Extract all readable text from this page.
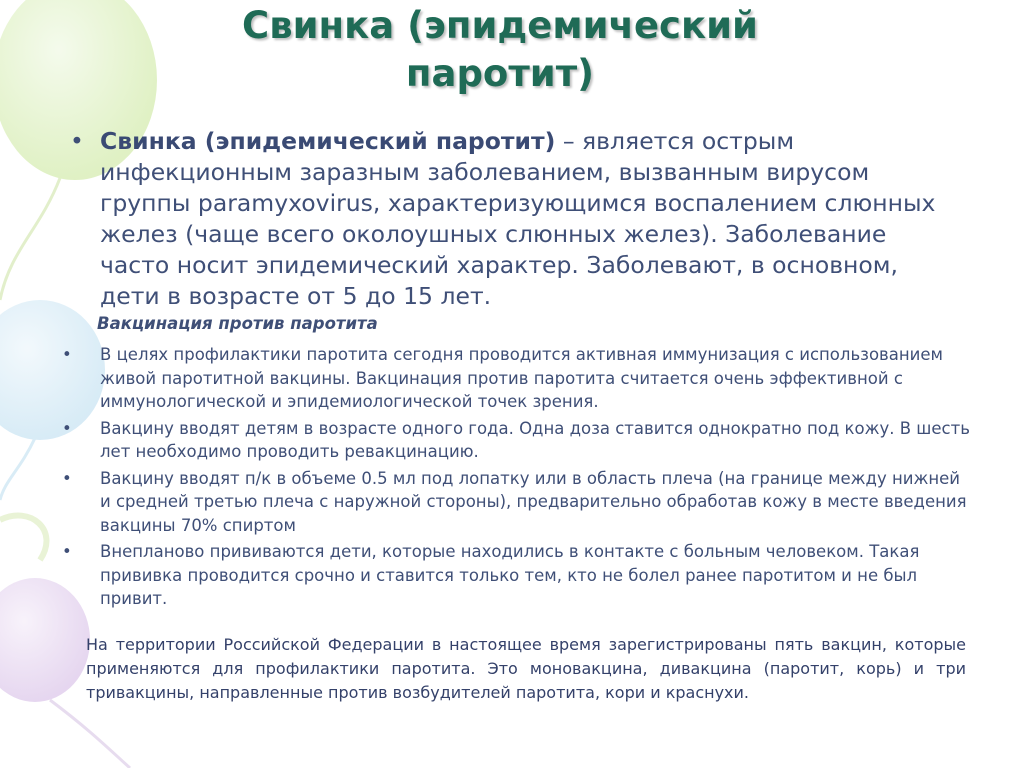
Свинка (эпидемический паротит)
• Свинка (эпидемический паротит) – является острым инфекционным заразным заболеванием, вызванным вирусом группы paramyxovirus, характеризующимся воспалением слюнных желез (чаще всего околоушных слюнных желез). Заболевание часто носит эпидемический характер. Заболевают, в основном, дети в возрасте от 5 до 15 лет.
Вакцинация против паротита
• В целях профилактики паротита сегодня проводится активная иммунизация с использованием живой паротитной вакцины. Вакцинация против паротита считается очень эффективной с иммунологической и эпидемиологической точек зрения.
• Вакцину вводят детям в возрасте одного года. Одна доза ставится однократно под кожу. В шесть лет необходимо проводить ревакцинацию.
• Вакцину вводят п/к в объеме 0.5 мл под лопатку или в область плеча (на границе между нижней и средней третью плеча с наружной стороны), предварительно обработав кожу в месте введения вакцины 70% спиртом
• Внепланово прививаются дети, которые находились в контакте с больным человеком. Такая прививка проводится срочно и ставится только тем, кто не болел ранее паротитом и не был привит.
На территории Российской Федерации в настоящее время зарегистрированы пять вакцин, которые применяются для профилактики паротита. Это моновакцина, дивакцина (паротит, корь) и три тривакцины, направленные против возбудителей паротита, кори и краснухи.
